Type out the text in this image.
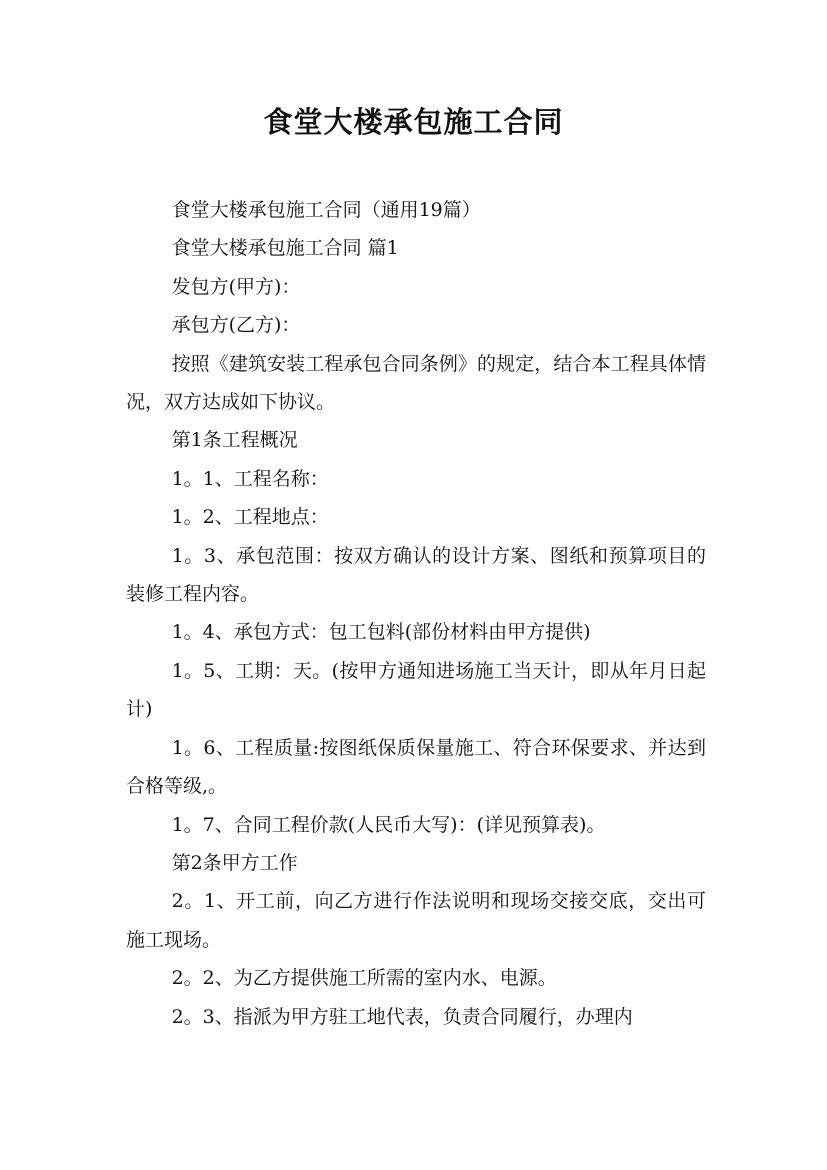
食堂大楼承包施工合同

食堂大楼承包施工合同（通用19篇）

食堂大楼承包施工合同 篇1

发包方(甲方)：

承包方(乙方)：

按照《建筑安装工程承包合同条例》的规定，结合本工程具体情况，双方达成如下协议。

第1条工程概况

1。1、工程名称：

1。2、工程地点：

1。3、承包范围：按双方确认的设计方案、图纸和预算项目的装修工程内容。

1。4、承包方式：包工包料(部份材料由甲方提供)

1。5、工期：天。(按甲方通知进场施工当天计，即从年月日起计)

1。6、工程质量:按图纸保质保量施工、符合环保要求、并达到合格等级,。

1。7、合同工程价款(人民币大写)：(详见预算表)。

第2条甲方工作

2。1、开工前，向乙方进行作法说明和现场交接交底，交出可施工现场。

2。2、为乙方提供施工所需的室内水、电源。

2。3、指派为甲方驻工地代表，负责合同履行，办理内
